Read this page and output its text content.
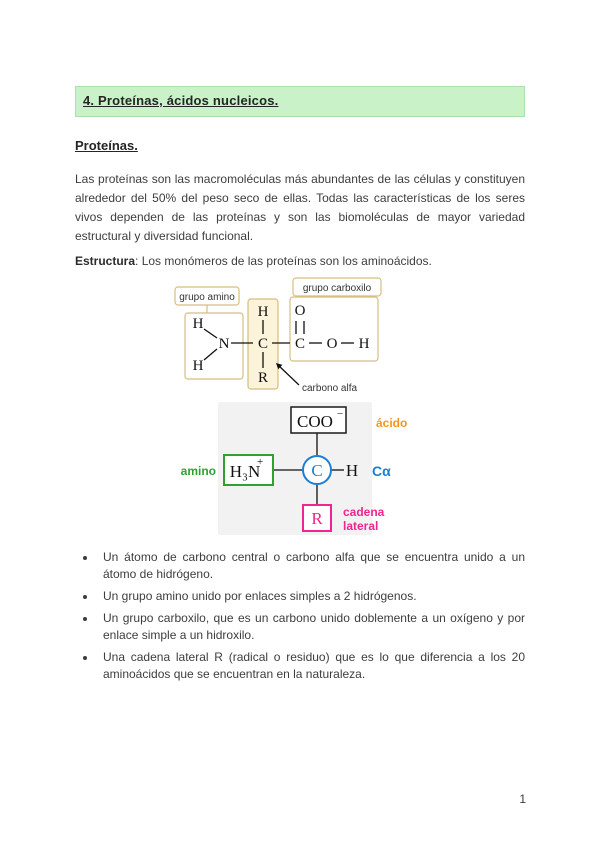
4. Proteínas, ácidos nucleicos.
Proteínas.

Las proteínas son las macromoléculas más abundantes de las células y constituyen alrededor del 50% del peso seco de ellas. Todas las características de los seres vivos dependen de las proteínas y son las biomoléculas de mayor variedad estructural y diversidad funcional.

Estructura: Los monómeros de las proteínas son los aminoácidos.

grupo amino
grupo carboxilo
H
N
H
H
C
R
C
O
O H
carbono alfa
COO −
ácido
H₃N
+
amino	C H Cα
R cadena
lateral
• Un átomo de carbono central o carbono alfa que se encuentra unido a un átomo de hidrógeno.
• Un grupo amino unido por enlaces simples a 2 hidrógenos.
• Un grupo carboxilo, que es un carbono unido doblemente a un oxígeno y por enlace simple a un hidroxilo.
• Una cadena lateral R (radical o residuo) que es lo que diferencia a los 20 aminoácidos que se encuentran en la naturaleza.
1
